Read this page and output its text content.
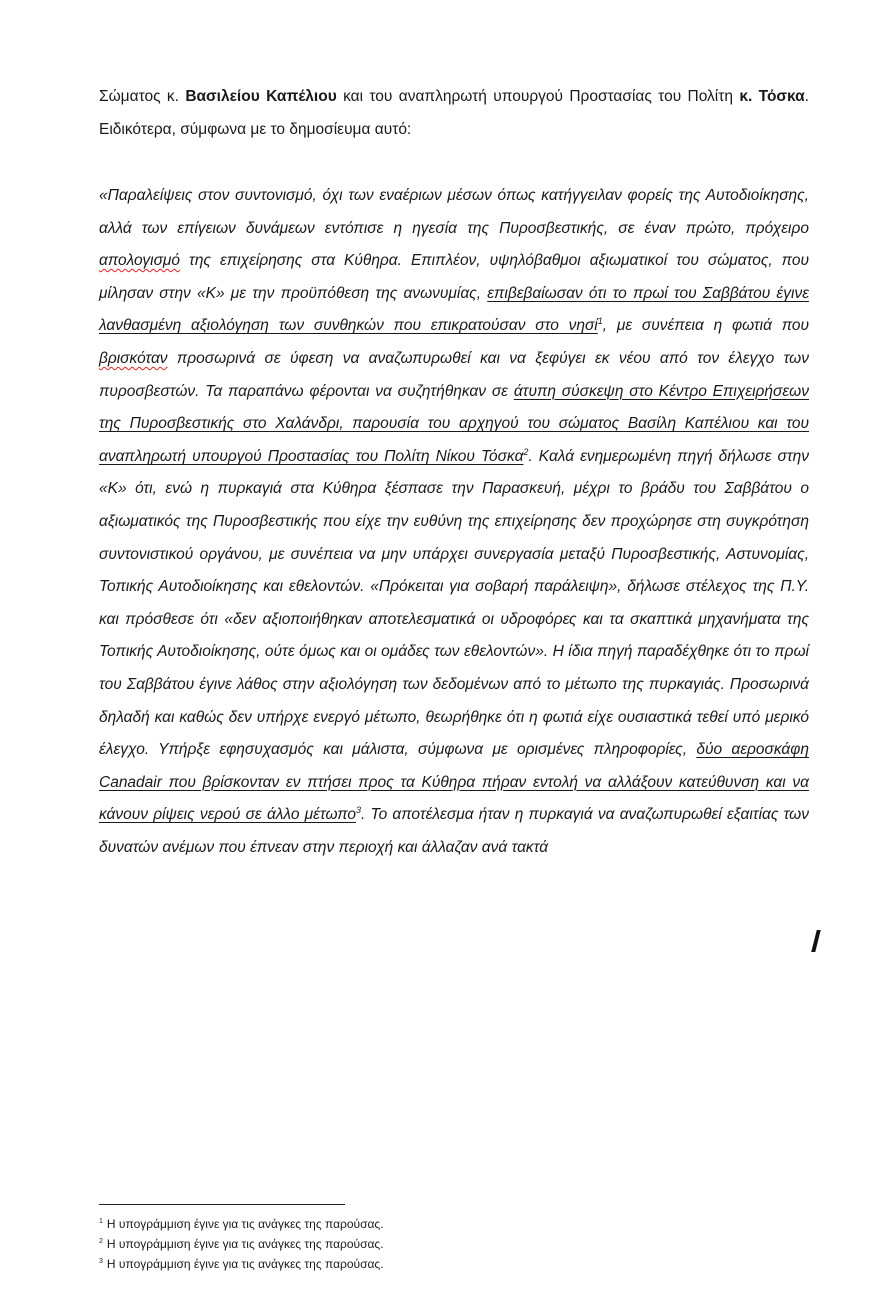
Σώματος κ. Βασιλείου Καπέλιου και του αναπληρωτή υπουργού Προστασίας του Πολίτη κ. Τόσκα. Ειδικότερα, σύμφωνα με το δημοσίευμα αυτό:

«Παραλείψεις στον συντονισμό, όχι των εναέριων μέσων όπως κατήγγειλαν φορείς της Αυτοδιοίκησης, αλλά των επίγειων δυνάμεων εντόπισε η ηγεσία της Πυροσβεστικής, σε έναν πρώτο, πρόχειρο απολογισμό της επιχείρησης στα Κύθηρα. Επιπλέον, υψηλόβαθμοι αξιωματικοί του σώματος, που μίλησαν στην «Κ» με την προϋπόθεση της ανωνυμίας, επιβεβαίωσαν ότι το πρωί του Σαββάτου έγινε λανθασμένη αξιολόγηση των συνθηκών που επικρατούσαν στο νησί$^1$, με συνέπεια η φωτιά που βρισκόταν προσωρινά σε ύφεση να αναζωπυρωθεί και να ξεφύγει εκ νέου από τον έλεγχο των πυροσβεστών. Τα παραπάνω φέρονται να συζητήθηκαν σε άτυπη σύσκεψη στο Κέντρο Επιχειρήσεων της Πυροσβεστικής στο Χαλάνδρι, παρουσία του αρχηγού του σώματος Βασίλη Καπέλιου και του αναπληρωτή υπουργού Προστασίας του Πολίτη Νίκου Τόσκα$^2$. Καλά ενημερωμένη πηγή δήλωσε στην «Κ» ότι, ενώ η πυρκαγιά στα Κύθηρα ξέσπασε την Παρασκευή, μέχρι το βράδυ του Σαββάτου ο αξιωματικός της Πυροσβεστικής που είχε την ευθύνη της επιχείρησης δεν προχώρησε στη συγκρότηση συντονιστικού οργάνου, με συνέπεια να μην υπάρχει συνεργασία μεταξύ Πυροσβεστικής, Αστυνομίας, Τοπικής Αυτοδιοίκησης και εθελοντών. «Πρόκειται για σοβαρή παράλειψη», δήλωσε στέλεχος της Π.Υ. και πρόσθεσε ότι «δεν αξιοποιήθηκαν αποτελεσματικά οι υδροφόρες και τα σκαπτικά μηχανήματα της Τοπικής Αυτοδιοίκησης, ούτε όμως και οι ομάδες των εθελοντών». Η ίδια πηγή παραδέχθηκε ότι το πρωί του Σαββάτου έγινε λάθος στην αξιολόγηση των δεδομένων από το μέτωπο της πυρκαγιάς. Προσωρινά δηλαδή και καθώς δεν υπήρχε ενεργό μέτωπο, θεωρήθηκε ότι η φωτιά είχε ουσιαστικά τεθεί υπό μερικό έλεγχο. Υπήρξε εφησυχασμός και μάλιστα, σύμφωνα με ορισμένες πληροφορίες, δύο αεροσκάφη Canadair που βρίσκονταν εν πτήσει προς τα Κύθηρα πήραν εντολή να αλλάξουν κατεύθυνση και να κάνουν ρίψεις νερού σε άλλο μέτωπο$^3$. Το αποτέλεσμα ήταν η πυρκαγιά να αναζωπυρωθεί εξαιτίας των δυνατών ανέμων που έπνεαν στην περιοχή και άλλαζαν ανά τακτά

$^1$ Η υπογράμμιση έγινε για τις ανάγκες της παρούσας.
$^2$ Η υπογράμμιση έγινε για τις ανάγκες της παρούσας.
$^3$ Η υπογράμμιση έγινε για τις ανάγκες της παρούσας.
